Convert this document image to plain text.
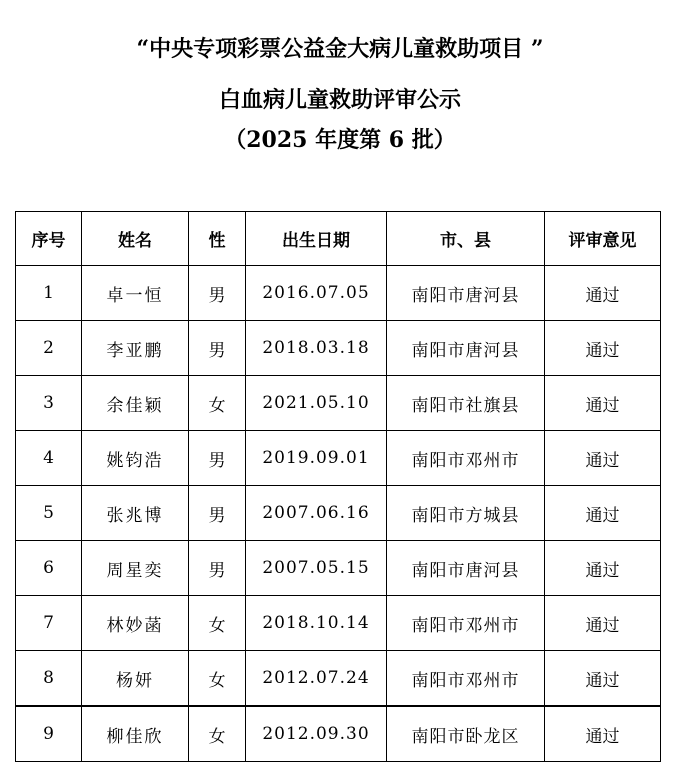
“中央专项彩票公益金大病儿童救助项目 ”
白血病儿童救助评审公示
（2025 年度第 6 批）
序号	姓名	性	出生日期	市、县	评审意见
1	卓一恒	男	2016.07.05	南阳市唐河县	通过
2	李亚鹏	男	2018.03.18	南阳市唐河县	通过
3	余佳颖	女	2021.05.10	南阳市社旗县	通过
4	姚钧浩	男	2019.09.01	南阳市邓州市	通过
5	张兆博	男	2007.06.16	南阳市方城县	通过
6	周星奕	男	2007.05.15	南阳市唐河县	通过
7	林妙菡	女	2018.10.14	南阳市邓州市	通过
8	杨妍	女	2012.07.24	南阳市邓州市	通过
9	柳佳欣	女	2012.09.30	南阳市卧龙区	通过
